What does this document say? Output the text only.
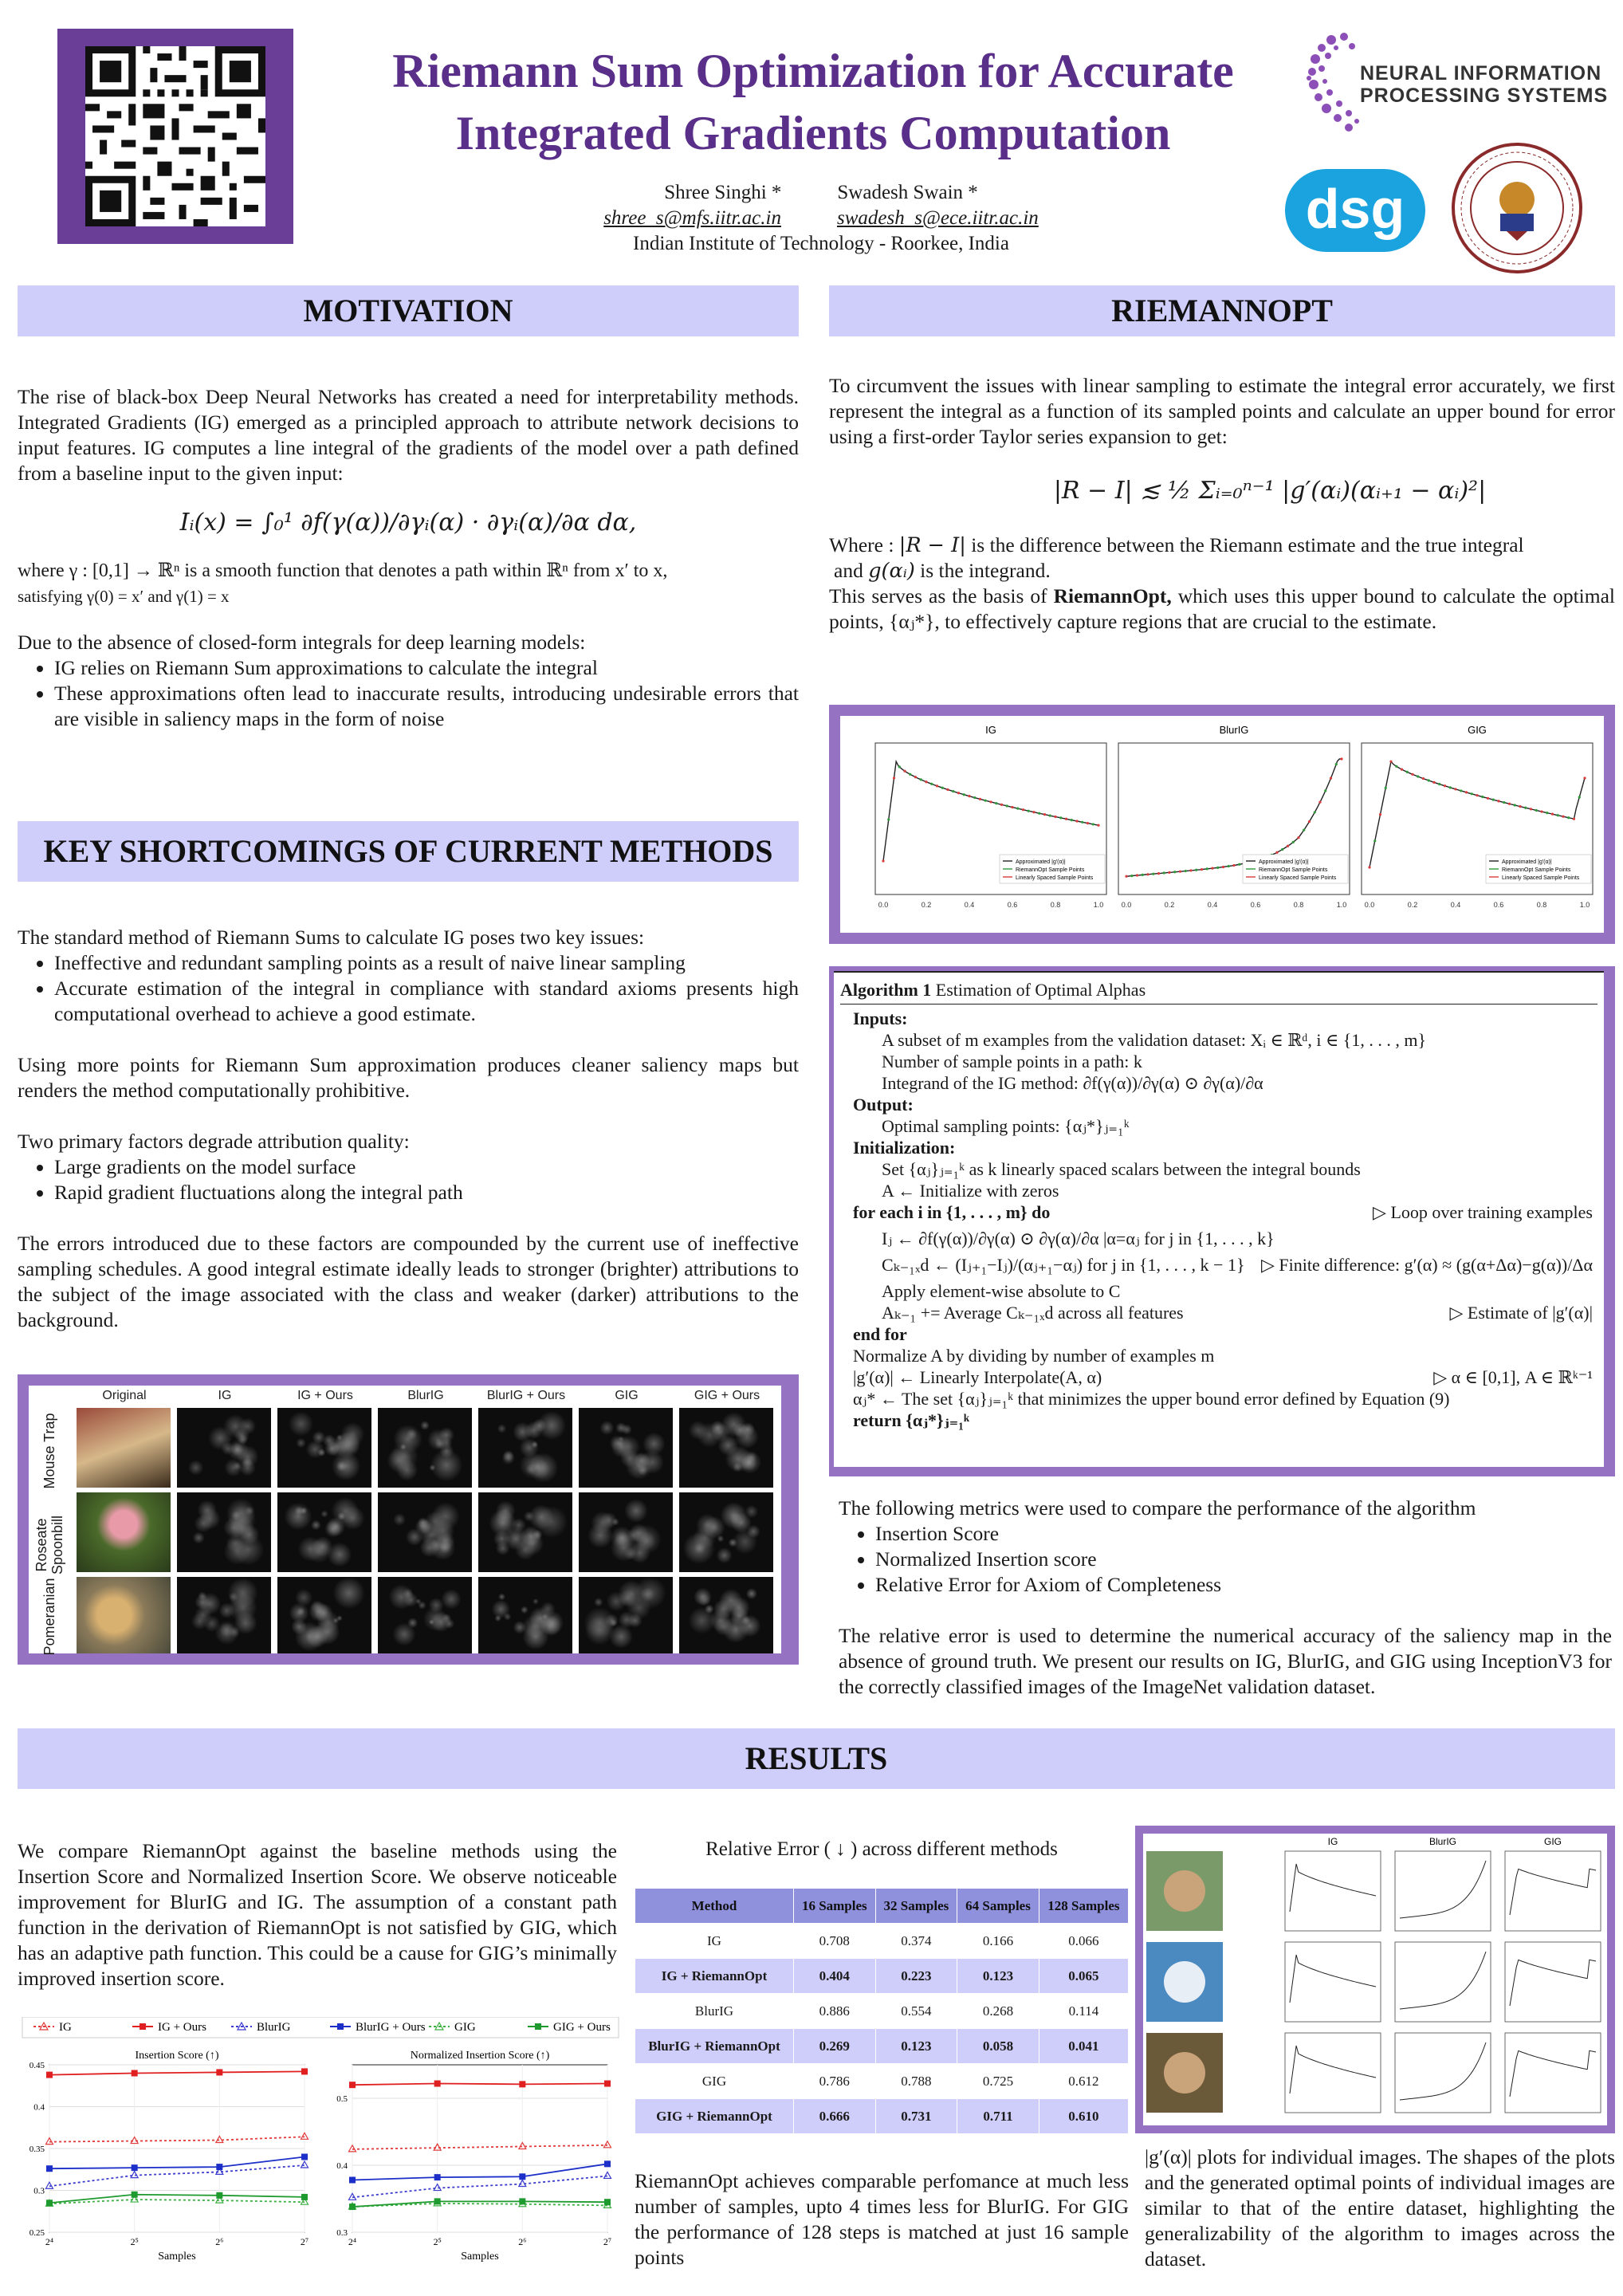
Riemann Sum Optimization for Accurate
Integrated Gradients Computation
Shree Singhi *	Swadesh Swain *
shree_s@mfs.iitr.ac.in	swadesh_s@ece.iitr.ac.in
Indian Institute of Technology - Roorkee, India
NEURAL INFORMATION
PROCESSING SYSTEMS
dsg
MOTIVATION

The rise of black-box Deep Neural Networks has created a need for interpretability methods. Integrated Gradients (IG) emerged as a principled approach to attribute network decisions to input features. IG computes a line integral of the gradients of the model over a path defined from a baseline input to the given input:

Iᵢ(x) = ∫₀¹ ∂f(γ(α))/∂γᵢ(α) · ∂γᵢ(α)/∂α dα,

where γ : [0,1] → ℝⁿ is a smooth function that denotes a path within ℝⁿ from x′ to x,

satisfying γ(0) = x′ and γ(1) = x

Due to the absence of closed-form integrals for deep learning models:

• IG relies on Riemann Sum approximations to calculate the integral
• These approximations often lead to inaccurate results, introducing undesirable errors that are visible in saliency maps in the form of noise
KEY SHORTCOMINGS OF CURRENT METHODS

The standard method of Riemann Sums to calculate IG poses two key issues:

• Ineffective and redundant sampling points as a result of naive linear sampling
• Accurate estimation of the integral in compliance with standard axioms presents high computational overhead to achieve a good estimate.

Using more points for Riemann Sum approximation produces cleaner saliency maps but renders the method computationally prohibitive.

Two primary factors degrade attribution quality:

• Large gradients on the model surface
• Rapid gradient fluctuations along the integral path

The errors introduced due to these factors are compounded by the current use of ineffective sampling schedules. A good integral estimate ideally leads to stronger (brighter) attributions to the subject of the image associated with the class and weaker (darker) attributions to the background.

Original	IG	IG + Ours	BlurIG	BlurIG + Ours	GIG	GIG + Ours
Mouse Trap
Roseate Spoonbill
Pomeranian
RIEMANNOPT

To circumvent the issues with linear sampling to estimate the integral error accurately, we first represent the integral as a function of its sampled points and calculate an upper bound for error using a first-order Taylor series expansion to get:

|R − I| ≲ ½ Σᵢ₌₀ⁿ⁻¹ |g′(αᵢ)(αᵢ₊₁ − αᵢ)²|

Where : |R − I| is the difference between the Riemann estimate and the true integral

and g(αᵢ) is the integrand.

This serves as the basis of RiemannOpt, which uses this upper bound to calculate the optimal points, {αⱼ*}, to effectively capture regions that are crucial to the estimate.

IG
0.0	0.2	0.4	0.6	0.8	1.0
Approximated |g'(α)|
RiemannOpt Sample Points
Linearly Spaced Sample Points
BlurIG
0.0	0.2	0.4	0.6	0.8	1.0
Approximated |g'(α)|
RiemannOpt Sample Points
Linearly Spaced Sample Points
GIG
0.0	0.2	0.4	0.6	0.8	1.0
Approximated |g'(α)|
RiemannOpt Sample Points
Linearly Spaced Sample Points
Algorithm 1 Estimation of Optimal Alphas
Inputs:
A subset of m examples from the validation dataset: Xᵢ ∈ ℝᵈ, i ∈ {1, . . . , m}
Number of sample points in a path: k
Integrand of the IG method: ∂f(γ(α))/∂γ(α) ⊙ ∂γ(α)/∂α
Output:
Optimal sampling points: {αⱼ*}ⱼ₌₁ᵏ
Initialization:
Set {αⱼ}ⱼ₌₁ᵏ as k linearly spaced scalars between the integral bounds
A ← Initialize with zeros
for each i in {1, . . . , m} do	▷ Loop over training examples
Iⱼ ← ∂f(γ(α))/∂γ(α) ⊙ ∂γ(α)/∂α |α=αⱼ for j in {1, . . . , k}
Cₖ₋₁ₓd ← (Iⱼ₊₁−Iⱼ)/(αⱼ₊₁−αⱼ) for j in {1, . . . , k − 1} ▷ Finite difference: g′(α) ≈ (g(α+Δα)−g(α))/Δα
Apply element-wise absolute to C
Aₖ₋₁ += Average Cₖ₋₁ₓd across all features	▷ Estimate of |g′(α)|
end for
Normalize A by dividing by number of examples m
|g′(α)| ← Linearly Interpolate(A, α)	▷ α ∈ [0,1], A ∈ ℝᵏ⁻¹
αⱼ* ← The set {αⱼ}ⱼ₌₁ᵏ that minimizes the upper bound error defined by Equation (9)
return {αⱼ*}ⱼ₌₁ᵏ

The following metrics were used to compare the performance of the algorithm

• Insertion Score
• Normalized Insertion score
• Relative Error for Axiom of Completeness

The relative error is used to determine the numerical accuracy of the saliency map in the absence of ground truth. We present our results on IG, BlurIG, and GIG using InceptionV3 for the correctly classified images of the ImageNet validation dataset.

RESULTS
We compare RiemannOpt against the baseline methods using the Insertion Score and Normalized Insertion Score. We observe noticeable improvement for BlurIG and IG. The assumption of a constant path function in the derivation of RiemannOpt is not satisfied by GIG, which has an adaptive path function. This could be a cause for GIG’s minimally improved insertion score.
IG	IG + Ours	BlurIG	BlurIG + Ours GIG	GIG + Ours
Insertion Score (↑)
0.25
0.3
0.35
0.4
0.45
2⁴	2⁵	2⁶	2⁷
Samples
Normalized Insertion Score (↑)
0.3
0.4
0.5
2⁴	2⁵	2⁶	2⁷
Samples
Relative Error ( ↓ ) across different methods
Method	16 Samples	32 Samples	64 Samples	128 Samples
IG	0.708	0.374	0.166	0.066
IG + RiemannOpt	0.404	0.223	0.123	0.065
BlurIG	0.886	0.554	0.268	0.114
BlurIG + RiemannOpt	0.269	0.123	0.058	0.041
GIG	0.786	0.788	0.725	0.612
GIG + RiemannOpt	0.666	0.731	0.711	0.610
RiemannOpt achieves comparable perfomance at much less number of samples, upto 4 times less for BlurIG. For GIG the performance of 128 steps is matched at just 16 sample points
IG	BlurIG	GIG
|g′(α)| plots for individual images. The shapes of the plots and the generated optimal points of individual images are similar to that of the entire dataset, highlighting the generalizability of the algorithm to images across the dataset.
